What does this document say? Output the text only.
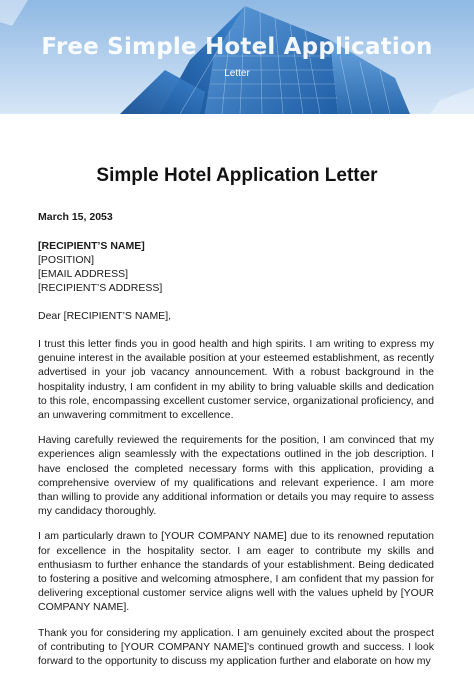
Free Simple Hotel Application
Letter
Simple Hotel Application Letter
March 15, 2053
[RECIPIENT’S NAME]
[POSITION]
[EMAIL ADDRESS]
[RECIPIENT’S ADDRESS]
Dear [RECIPIENT’S NAME],

I trust this letter finds you in good health and high spirits. I am writing to express my genuine interest in the available position at your esteemed establishment, as recently advertised in your job vacancy announcement. With a robust background in the hospitality industry, I am confident in my ability to bring valuable skills and dedication to this role, encompassing excellent customer service, organizational proficiency, and an unwavering commitment to excellence.

Having carefully reviewed the requirements for the position, I am convinced that my experiences align seamlessly with the expectations outlined in the job description. I have enclosed the completed necessary forms with this application, providing a comprehensive overview of my qualifications and relevant experience. I am more than willing to provide any additional information or details you may require to assess my candidacy thoroughly.

I am particularly drawn to [YOUR COMPANY NAME] due to its renowned reputation for excellence in the hospitality sector. I am eager to contribute my skills and enthusiasm to further enhance the standards of your establishment. Being dedicated to fostering a positive and welcoming atmosphere, I am confident that my passion for delivering exceptional customer service aligns well with the values upheld by [YOUR COMPANY NAME].

Thank you for considering my application. I am genuinely excited about the prospect of contributing to [YOUR COMPANY NAME]’s continued growth and success. I look forward to the opportunity to discuss my application further and elaborate on how my
